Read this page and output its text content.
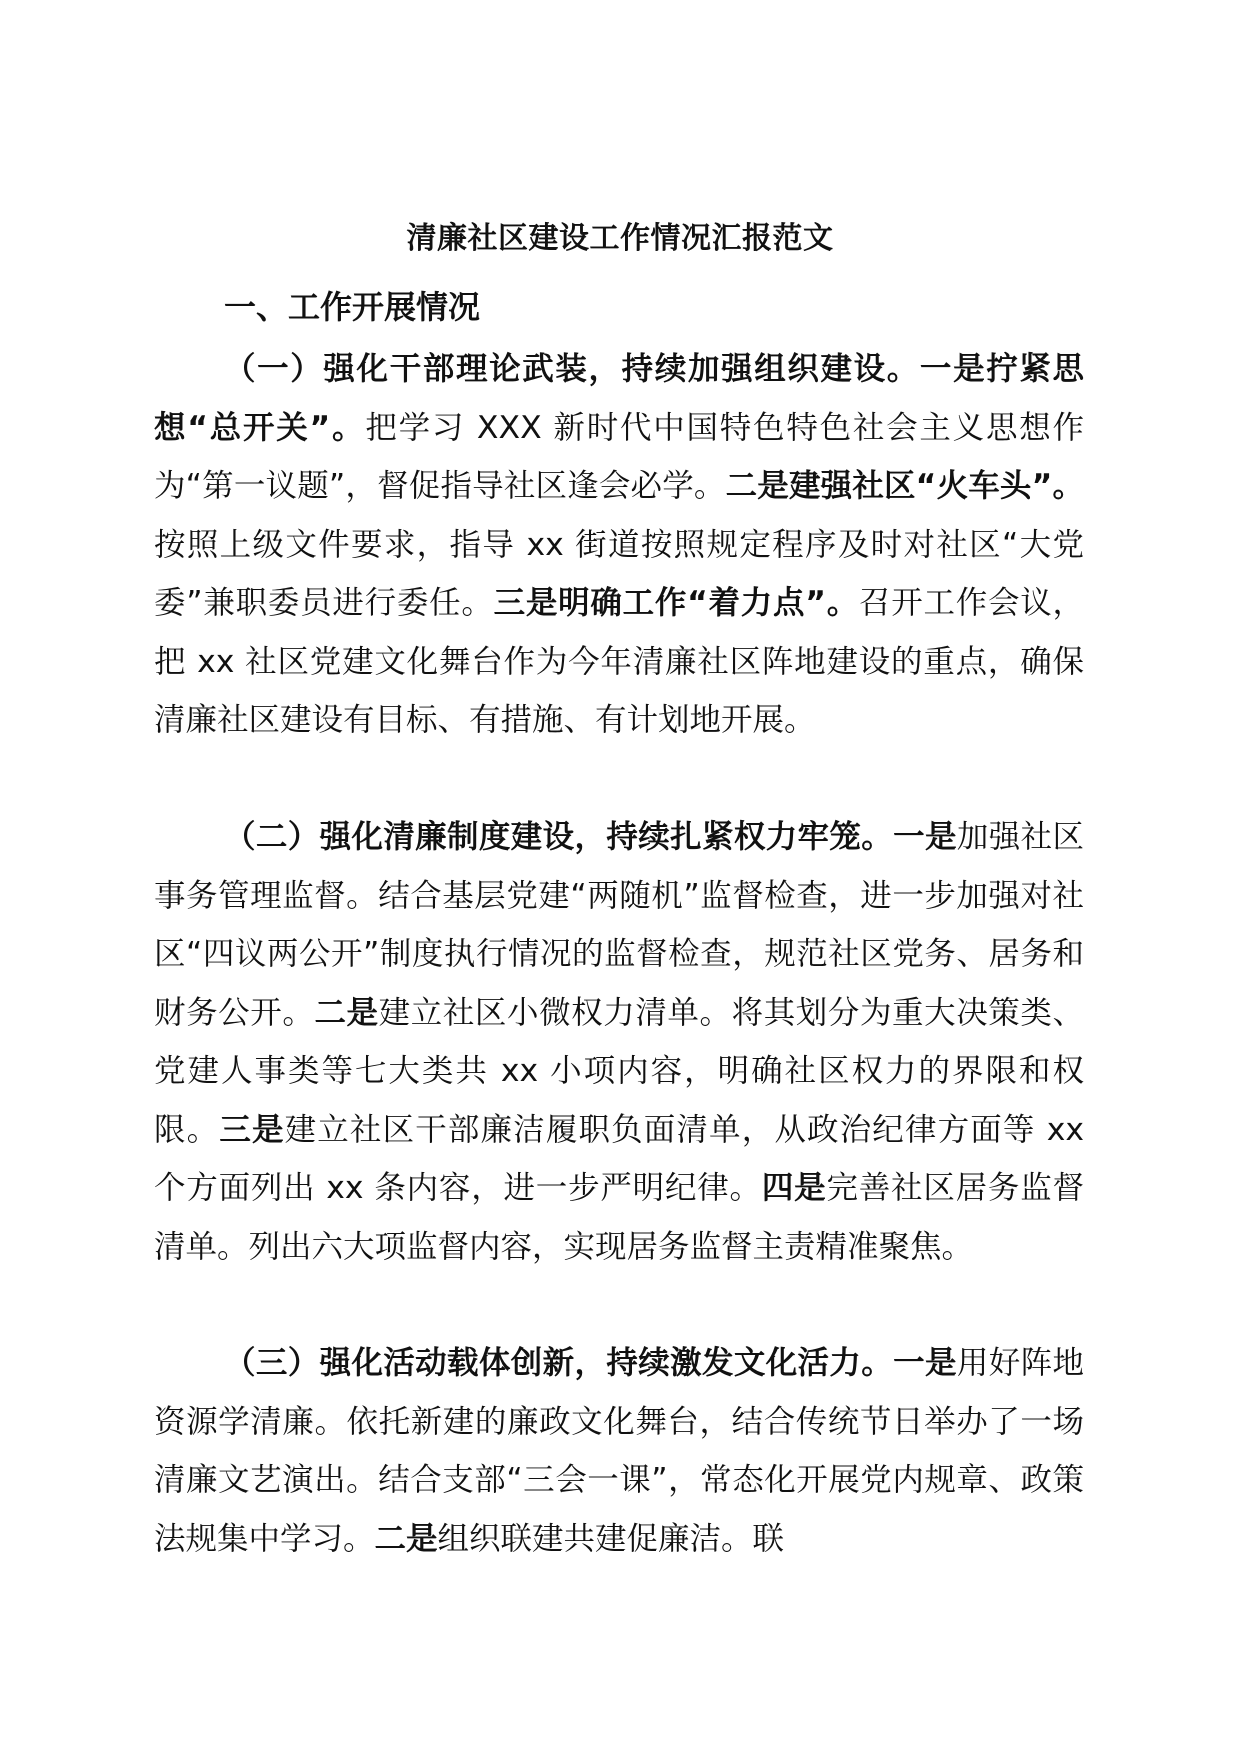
清廉社区建设工作情况汇报范文
一、工作开展情况

（一）强化干部理论武装，持续加强组织建设。一是拧紧思想“总开关”。把学习 XXX 新时代中国特色特色社会主义思想作为“第一议题”，督促指导社区逢会必学。二是建强社区“火车头”。按照上级文件要求，指导 xx 街道按照规定程序及时对社区“大党委”兼职委员进行委任。三是明确工作“着力点”。召开工作会议，把 xx 社区党建文化舞台作为今年清廉社区阵地建设的重点，确保清廉社区建设有目标、有措施、有计划地开展。

（二）强化清廉制度建设，持续扎紧权力牢笼。一是加强社区事务管理监督。结合基层党建“两随机”监督检查，进一步加强对社区“四议两公开”制度执行情况的监督检查，规范社区党务、居务和财务公开。二是建立社区小微权力清单。将其划分为重大决策类、党建人事类等七大类共 xx 小项内容，明确社区权力的界限和权限。三是建立社区干部廉洁履职负面清单，从政治纪律方面等 xx 个方面列出 xx 条内容，进一步严明纪律。四是完善社区居务监督清单。列出六大项监督内容，实现居务监督主责精准聚焦。

（三）强化活动载体创新，持续激发文化活力。一是用好阵地资源学清廉。依托新建的廉政文化舞台，结合传统节日举办了一场清廉文艺演出。结合支部“三会一课”，常态化开展党内规章、政策法规集中学习。二是组织联建共建促廉洁。联
